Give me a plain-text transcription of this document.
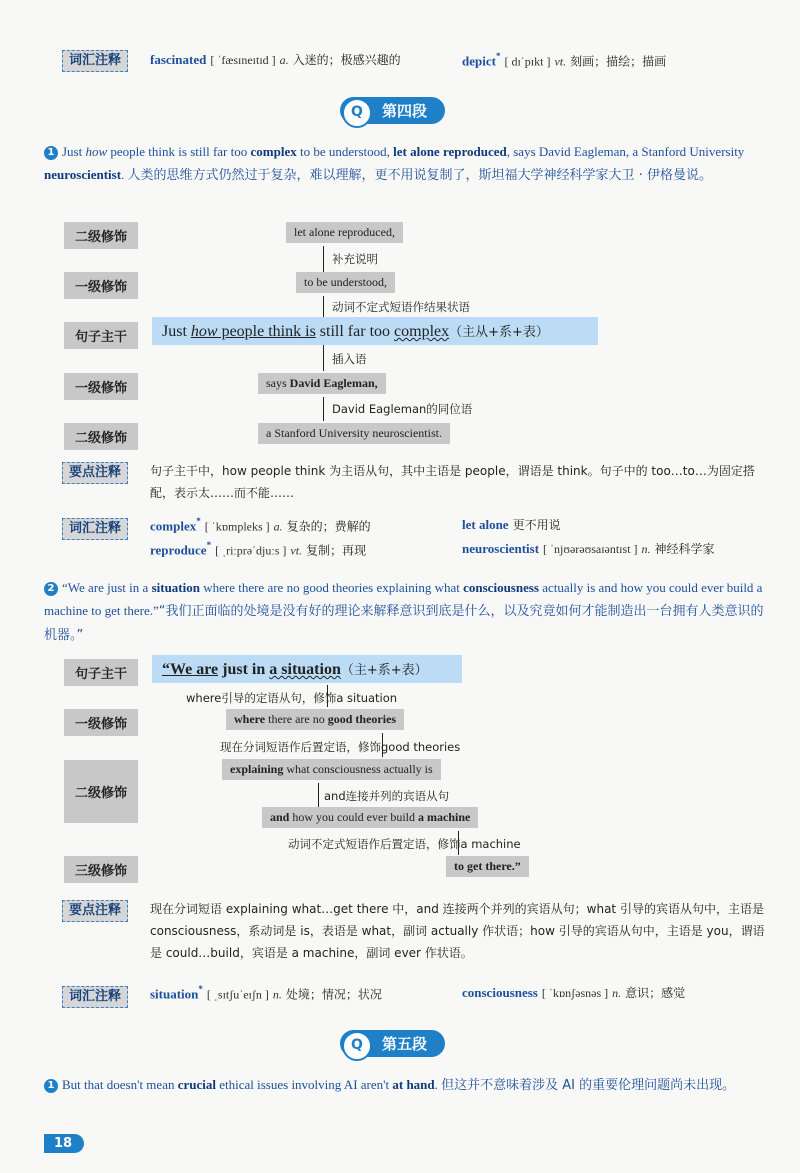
词汇注释	fascinated [ ˈfæsɪneɪtɪd ] a. 入迷的；极感兴趣的	depict* [ dɪˈpɪkt ] vt. 刻画；描绘；描画
Q	第四段
1 Just how people think is still far too complex to be understood, let alone reproduced, says David Eagleman, a Stanford University neuroscientist. 人类的思维方式仍然过于复杂，难以理解，更不用说复制了，斯坦福大学神经科学家大卫 · 伊格曼说。
二级修饰
一级修饰
句子主干
一级修饰
二级修饰
let alone reproduced,
补充说明
to be understood,
动词不定式短语作结果状语
Just how people think is still far too complex（主从+系+表）
插入语
says David Eagleman,
David Eagleman的同位语
a Stanford University neuroscientist.
要点注释	句子主干中，how people think 为主语从句，其中主语是 people，谓语是 think。句子中的 too…to…为固定搭配，表示太……而不能……
词汇注释	complex* [ ˈkɒmpleks ] a. 复杂的；费解的	let alone 更不用说
reproduce* [ ˌriːprəˈdjuːs ] vt. 复制；再现	neuroscientist [ ˈnjʊərəʊsaɪəntɪst ] n. 神经科学家
2 “We are just in a situation where there are no good theories explaining what consciousness actually is and how you could ever build a machine to get there.”“我们正面临的处境是没有好的理论来解释意识到底是什么，以及究竟如何才能制造出一台拥有人类意识的机器。”
句子主干
一级修饰
二级修饰
三级修饰
“We are just in a situation（主+系+表）
where引导的定语从句，修饰a situation
where there are no good theories
现在分词短语作后置定语，修饰good theories
explaining what consciousness actually is
and连接并列的宾语从句
and how you could ever build a machine
动词不定式短语作后置定语，修饰a machine
to get there.”
要点注释	现在分词短语 explaining what…get there 中，and 连接两个并列的宾语从句；what 引导的宾语从句中，主语是 consciousness，系动词是 is，表语是 what，副词 actually 作状语；how 引导的宾语从句中，主语是 you，谓语是 could…build，宾语是 a machine，副词 ever 作状语。
词汇注释	situation* [ ˌsɪtʃuˈeɪʃn ] n. 处境；情况；状况	consciousness [ ˈkɒnʃəsnəs ] n. 意识；感觉
Q	第五段
1 But that doesn't mean crucial ethical issues involving AI aren't at hand. 但这并不意味着涉及 AI 的重要伦理问题尚未出现。
18
